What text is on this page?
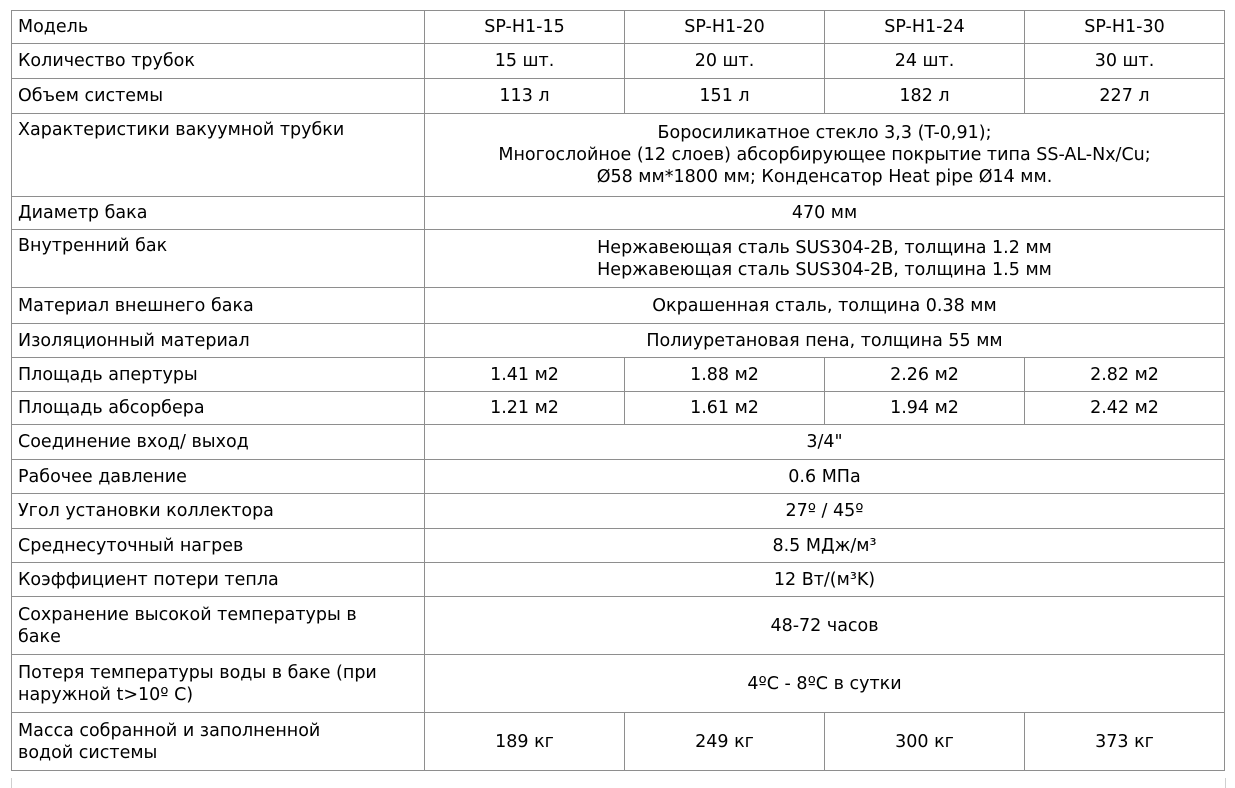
Модель	SP-H1-15	SP-H1-20	SP-H1-24	SP-H1-30
Количество трубок	15 шт.	20 шт.	24 шт.	30 шт.
Объем системы	113 л	151 л	182 л	227 л
Характеристики вакуумной трубки	Боросиликатное стекло 3,3 (T-0,91);
Многослойное (12 слоев) абсорбирующее покрытие типа SS-AL-Nx/Cu;
Ø58 мм*1800 мм; Конденсатор Heat pipe Ø14 мм.			

Диаметр бака	470 мм			
Внутренний бак	Нержавеющая сталь SUS304-2B, толщина 1.2 мм
Нержавеющая сталь SUS304-2B, толщина 1.5 мм			

Материал внешнего бака	Окрашенная сталь, толщина 0.38 мм			
Изоляционный материал	Полиуретановая пена, толщина 55 мм			
Площадь апертуры	1.41 м2	1.88 м2	2.26 м2	2.82 м2
Площадь абсорбера	1.21 м2	1.61 м2	1.94 м2	2.42 м2
Соединение вход/ выход	3/4"			
Рабочее давление	0.6 МПа			
Угол установки коллектора	27º / 45º			
Среднесуточный нагрев	8.5 МДж/м³			
Коэффициент потери тепла	12 Вт/(м³K)			

Сохранение высокой температуры в
баке	48-72 часов			

Потеря температуры воды в баке (при
наружной t>10º C)	4ºC - 8ºC в сутки			

Масса собранной и заполненной
водой системы	189 кг	249 кг	300 кг	373 кг
